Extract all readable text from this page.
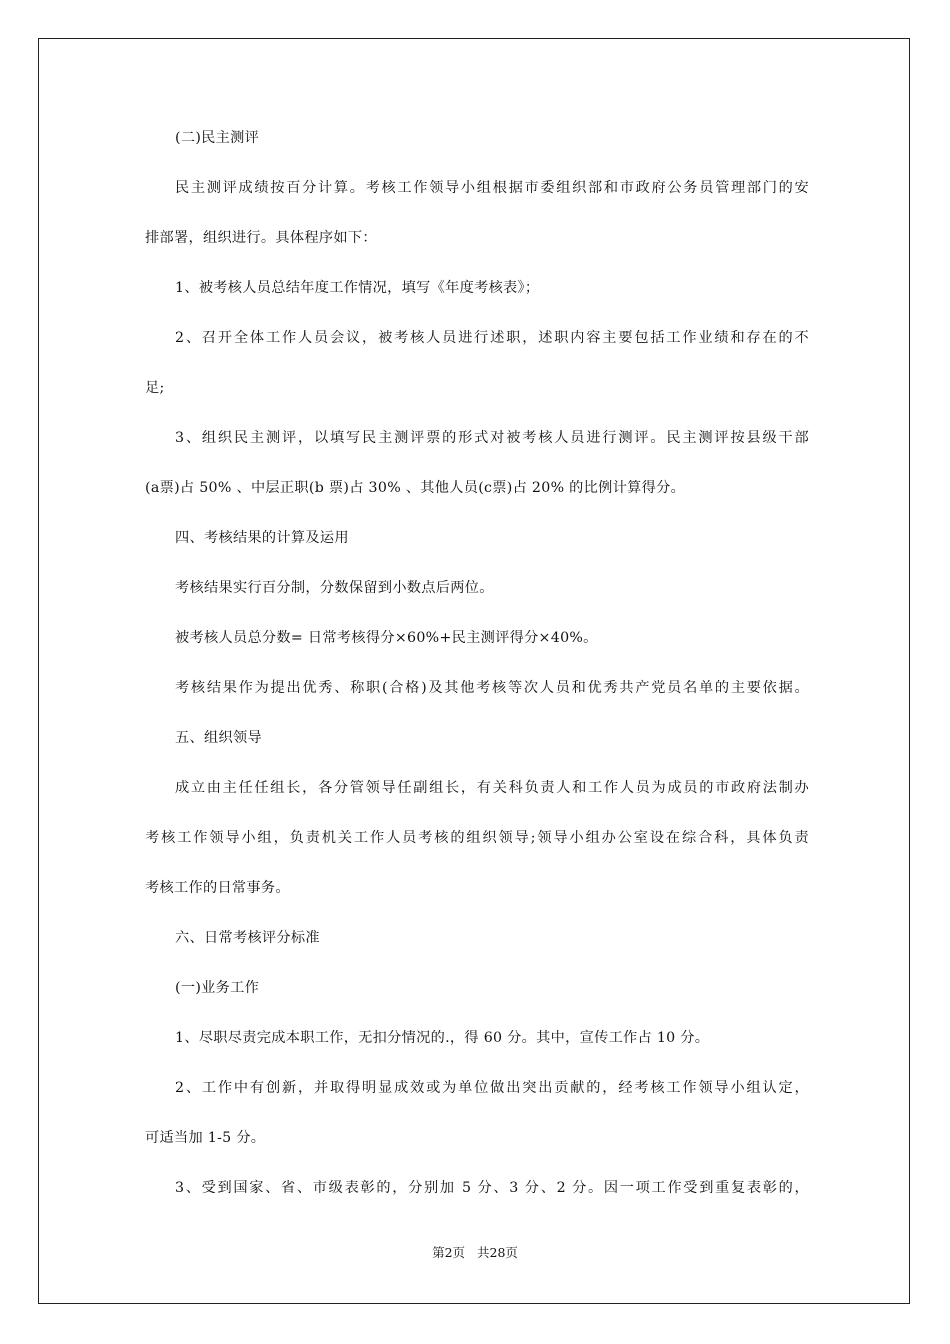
(二)民主测评
民主测评成绩按百分计算。考核工作领导小组根据市委组织部和市政府公务员管理部门的安
排部署，组织进行。具体程序如下：
1、被考核人员总结年度工作情况，填写《年度考核表》；
2、召开全体工作人员会议，被考核人员进行述职，述职内容主要包括工作业绩和存在的不
足;
3、组织民主测评，以填写民主测评票的形式对被考核人员进行测评。民主测评按县级干部
(a票)占 50% 、中层正职(b 票)占 30% 、其他人员(c票)占 20% 的比例计算得分。
四、考核结果的计算及运用
考核结果实行百分制，分数保留到小数点后两位。
被考核人员总分数= 日常考核得分×60%+民主测评得分×40%。
考核结果作为提出优秀、称职(合格)及其他考核等次人员和优秀共产党员名单的主要依据。
五、组织领导
成立由主任任组长，各分管领导任副组长，有关科负责人和工作人员为成员的市政府法制办
考核工作领导小组，负责机关工作人员考核的组织领导;领导小组办公室设在综合科，具体负责
考核工作的日常事务。
六、日常考核评分标准
(一)业务工作
1、尽职尽责完成本职工作，无扣分情况的.，得 60 分。其中，宣传工作占 10 分。
2、工作中有创新，并取得明显成效或为单位做出突出贡献的，经考核工作领导小组认定，
可适当加 1-5 分。
3、受到国家、省、市级表彰的，分别加 5 分、3 分、2 分。因一项工作受到重复表彰的，
第2页 共28页
